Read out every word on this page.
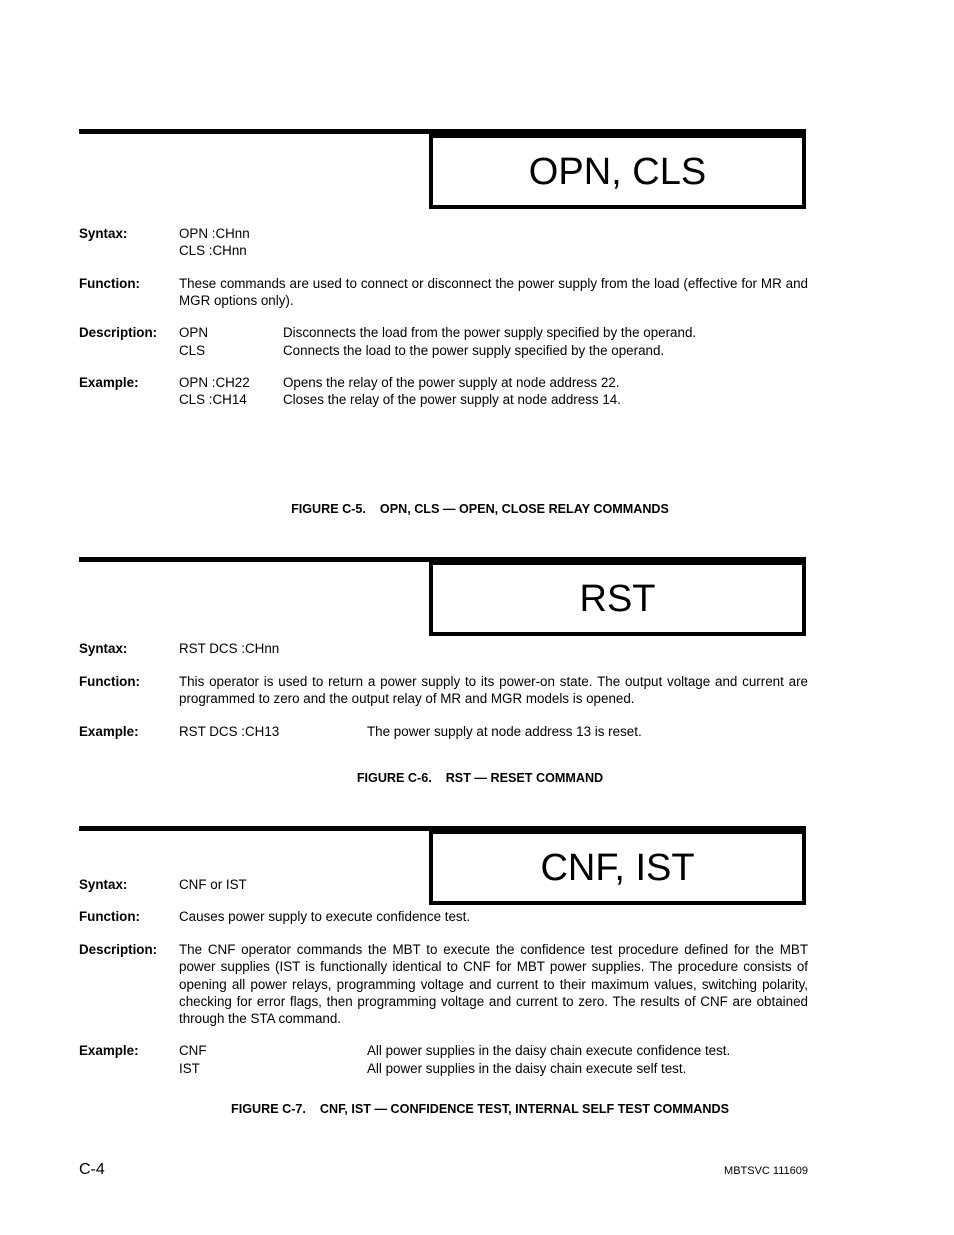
OPN, CLS
Syntax:	OPN :CHnn
CLS :CHnn
Function:	These commands are used to connect or disconnect the power supply from the load (effective for MR and MGR options only).
Description: OPN	Disconnects the load from the power supply specified by the operand.
CLS	Connects the load to the power supply specified by the operand.
Example:	OPN :CH22 Opens the relay of the power supply at node address 22.
CLS :CH14	Closes the relay of the power supply at node address 14.
FIGURE C-5.    OPN, CLS — OPEN, CLOSE RELAY COMMANDS
RST
Syntax:	RST DCS :CHnn
Function:	This operator is used to return a power supply to its power-on state. The output voltage and current are programmed to zero and the output relay of MR and MGR models is opened.
Example:	RST DCS :CH13	The power supply at node address 13 is reset.
FIGURE C-6.    RST — RESET COMMAND
CNF, IST
Syntax:	CNF or IST
Function:	Causes power supply to execute confidence test.
Description: The CNF operator commands the MBT to execute the confidence test procedure defined for the MBT power supplies (IST is functionally identical to CNF for MBT power supplies. The procedure consists of opening all power relays, programming voltage and current to their maximum values, switching polarity, checking for error flags, then programming voltage and current to zero. The results of CNF are obtained through the STA command.
Example:	CNF	All power supplies in the daisy chain execute confidence test.
IST	All power supplies in the daisy chain execute self test.
FIGURE C-7.    CNF, IST — CONFIDENCE TEST, INTERNAL SELF TEST COMMANDS
C-4	MBTSVC 111609
